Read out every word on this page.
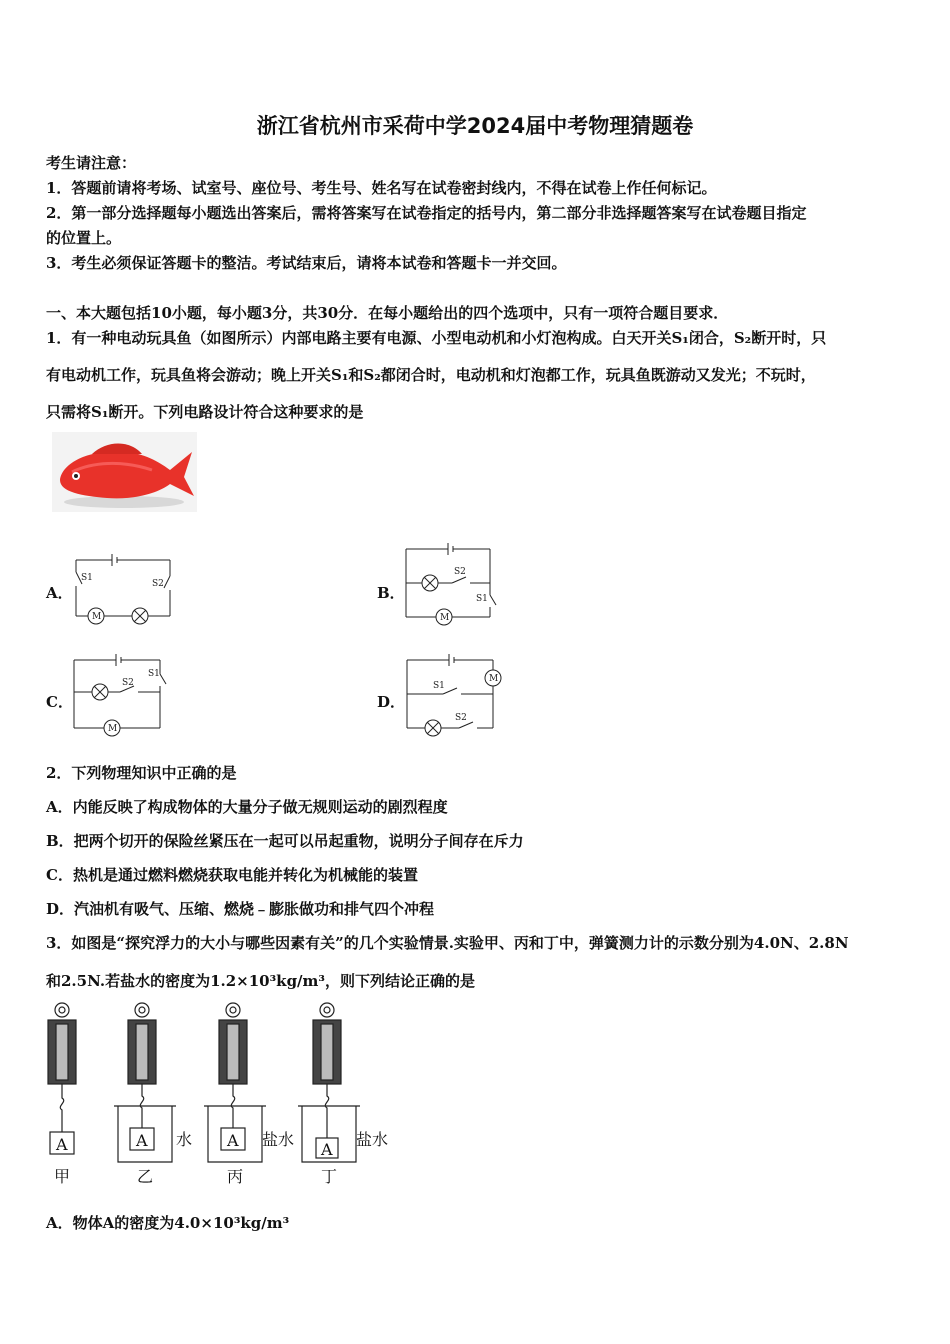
浙江省杭州市采荷中学2024届中考物理猜题卷
考生请注意：
1．答题前请将考场、试室号、座位号、考生号、姓名写在试卷密封线内，不得在试卷上作任何标记。
2．第一部分选择题每小题选出答案后，需将答案写在试卷指定的括号内，第二部分非选择题答案写在试卷题目指定
的位置上。
3．考生必须保证答题卡的整洁。考试结束后，请将本试卷和答题卡一并交回。
一、本大题包括10小题，每小题3分，共30分．在每小题给出的四个选项中，只有一项符合题目要求．
1．有一种电动玩具鱼（如图所示）内部电路主要有电源、小型电动机和小灯泡构成。白天开关S₁闭合，S₂断开时，只
有电动机工作，玩具鱼将会游动；晚上开关S₁和S₂都闭合时，电动机和灯泡都工作，玩具鱼既游动又发光；不玩时，
只需将S₁断开。下列电路设计符合这种要求的是
A．	B．
C．	D．
S1
S2
M
S2
S1
M
S2
S1
M
S1
S2
M
2．下列物理知识中正确的是
A．内能反映了构成物体的大量分子做无规则运动的剧烈程度
B．把两个切开的保险丝紧压在一起可以吊起重物，说明分子间存在斥力
C．热机是通过燃料燃烧获取电能并转化为机械能的装置
D．汽油机有吸气、压缩、燃烧﹣膨胀做功和排气四个冲程
3．如图是“探究浮力的大小与哪些因素有关”的几个实验情景.实验甲、丙和丁中，弹簧测力计的示数分别为4.0N、2.8N
和2.5N.若盐水的密度为1.2×10³kg/m³，则下列结论正确的是
A	A	A	A
水	盐水	盐水
甲	乙	丙	丁
A．物体A的密度为4.0×10³kg/m³
